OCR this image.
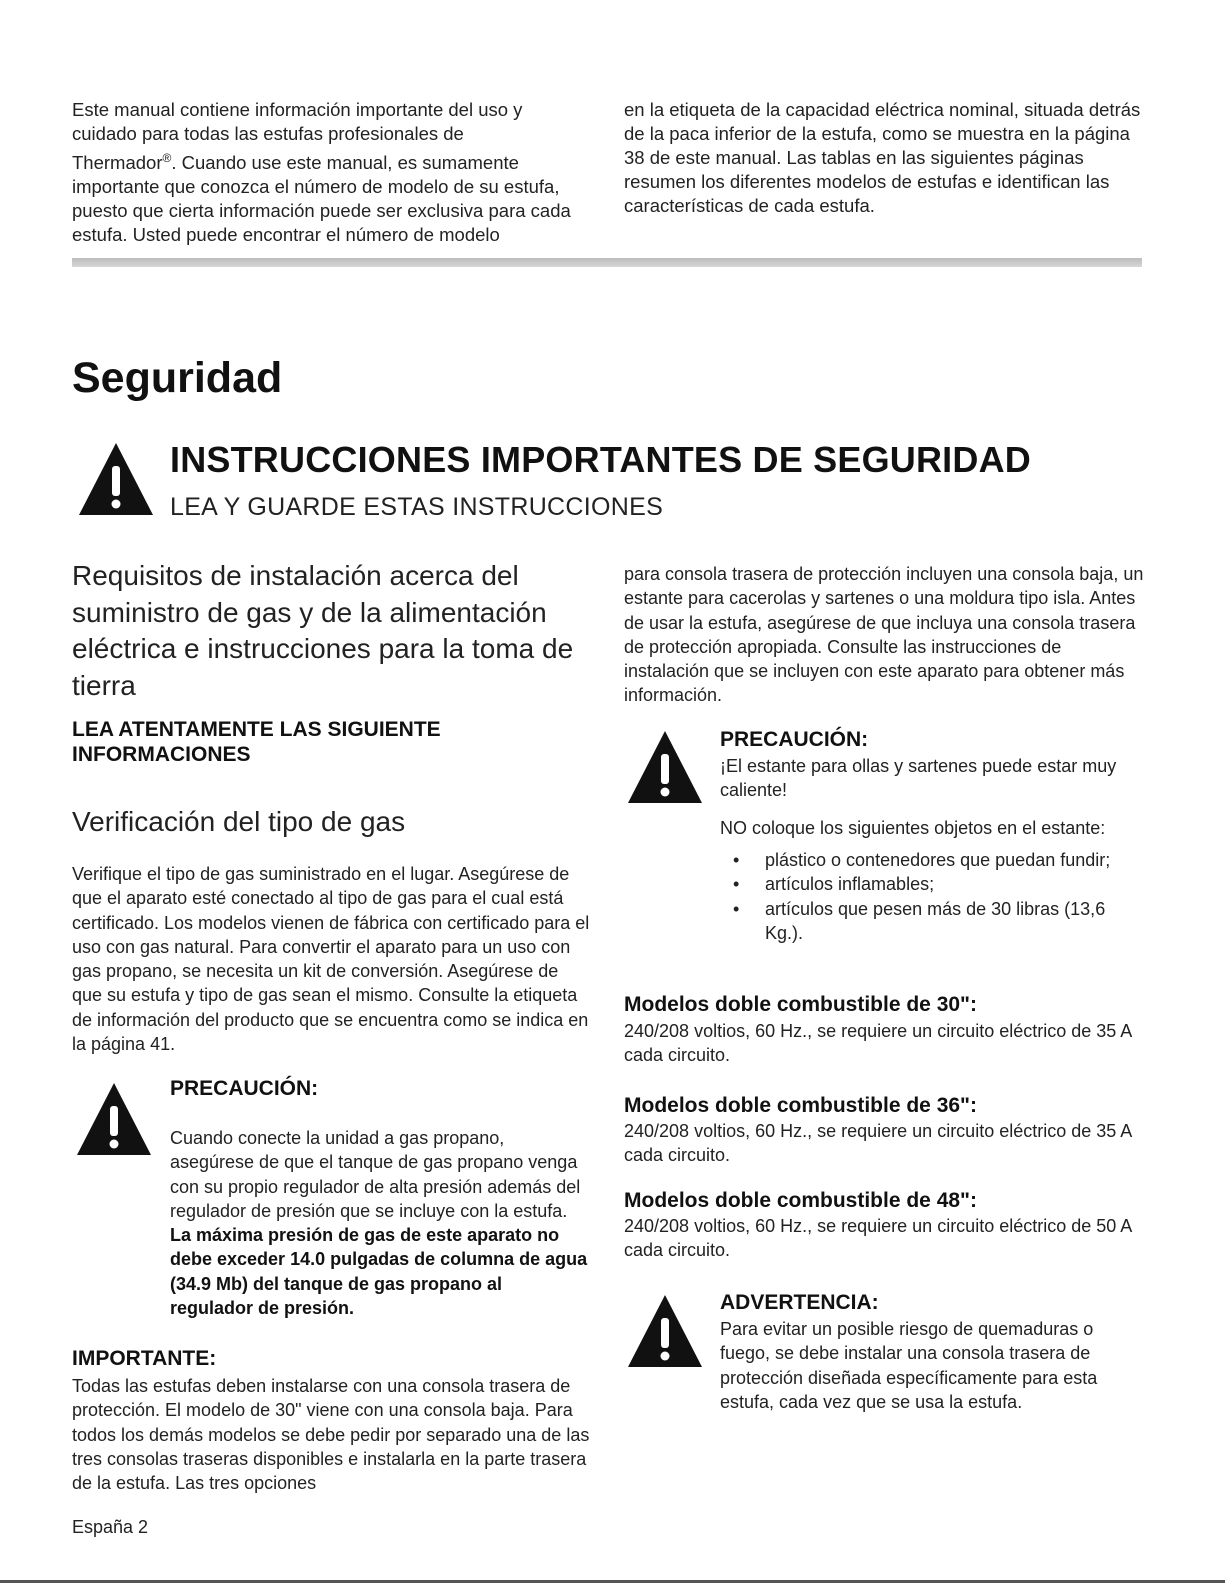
Este manual contiene información importante del uso y cuidado para todas las estufas profesionales de
Thermador®. Cuando use este manual, es sumamente importante que conozca el número de modelo de su estufa, puesto que cierta información puede ser exclusiva para cada estufa. Usted puede encontrar el número de modelo

en la etiqueta de la capacidad eléctrica nominal, situada detrás de la paca inferior de la estufa, como se muestra en la página 38 de este manual. Las tablas en las siguientes páginas resumen los diferentes modelos de estufas e identifican las características de cada estufa.

Seguridad
INSTRUCCIONES IMPORTANTES DE SEGURIDAD
LEA Y GUARDE ESTAS INSTRUCCIONES
Requisitos de instalación acerca del suministro de gas y de la alimentación eléctrica e instrucciones para la toma de tierra
LEA ATENTAMENTE LAS SIGUIENTE INFORMACIONES
Verificación del tipo de gas

Verifique el tipo de gas suministrado en el lugar. Asegúrese de que el aparato esté conectado al tipo de gas para el cual está certificado. Los modelos vienen de fábrica con certificado para el uso con gas natural. Para convertir el aparato para un uso con gas propano, se necesita un kit de conversión. Asegúrese de que su estufa y tipo de gas sean el mismo. Consulte la etiqueta de información del producto que se encuentra como se indica en la página 41.

PRECAUCIÓN:
Cuando conecte la unidad a gas propano, asegúrese de que el tanque de gas propano venga con su propio regulador de alta presión además del regulador de presión que se incluye con la estufa. La máxima presión de gas de este aparato no debe exceder 14.0 pulgadas de columna de agua (34.9 Mb) del tanque de gas propano al regulador de presión.
IMPORTANTE:

Todas las estufas deben instalarse con una consola trasera de protección. El modelo de 30" viene con una consola baja. Para todos los demás modelos se debe pedir por separado una de las tres consolas traseras disponibles e instalarla en la parte trasera de la estufa. Las tres opciones

para consola trasera de protección incluyen una consola baja, un estante para cacerolas y sartenes o una moldura tipo isla. Antes de usar la estufa, asegúrese de que incluya una consola trasera de protección apropiada. Consulte las instrucciones de instalación que se incluyen con este aparato para obtener más información.

PRECAUCIÓN:
¡El estante para ollas y sartenes puede estar muy caliente!
NO coloque los siguientes objetos en el estante:
• plástico o contenedores que puedan fundir;
• artículos inflamables;
• artículos que pesen más de 30 libras (13,6 Kg.).
Modelos doble combustible de 30":
240/208 voltios, 60 Hz., se requiere un circuito eléctrico de 35 A cada circuito.
Modelos doble combustible de 36":
240/208 voltios, 60 Hz., se requiere un circuito eléctrico de 35 A cada circuito.
Modelos doble combustible de 48":
240/208 voltios, 60 Hz., se requiere un circuito eléctrico de 50 A cada circuito.
ADVERTENCIA:
Para evitar un posible riesgo de quemaduras o fuego, se debe instalar una consola trasera de protección diseñada específicamente para esta estufa, cada vez que se usa la estufa.
España 2
